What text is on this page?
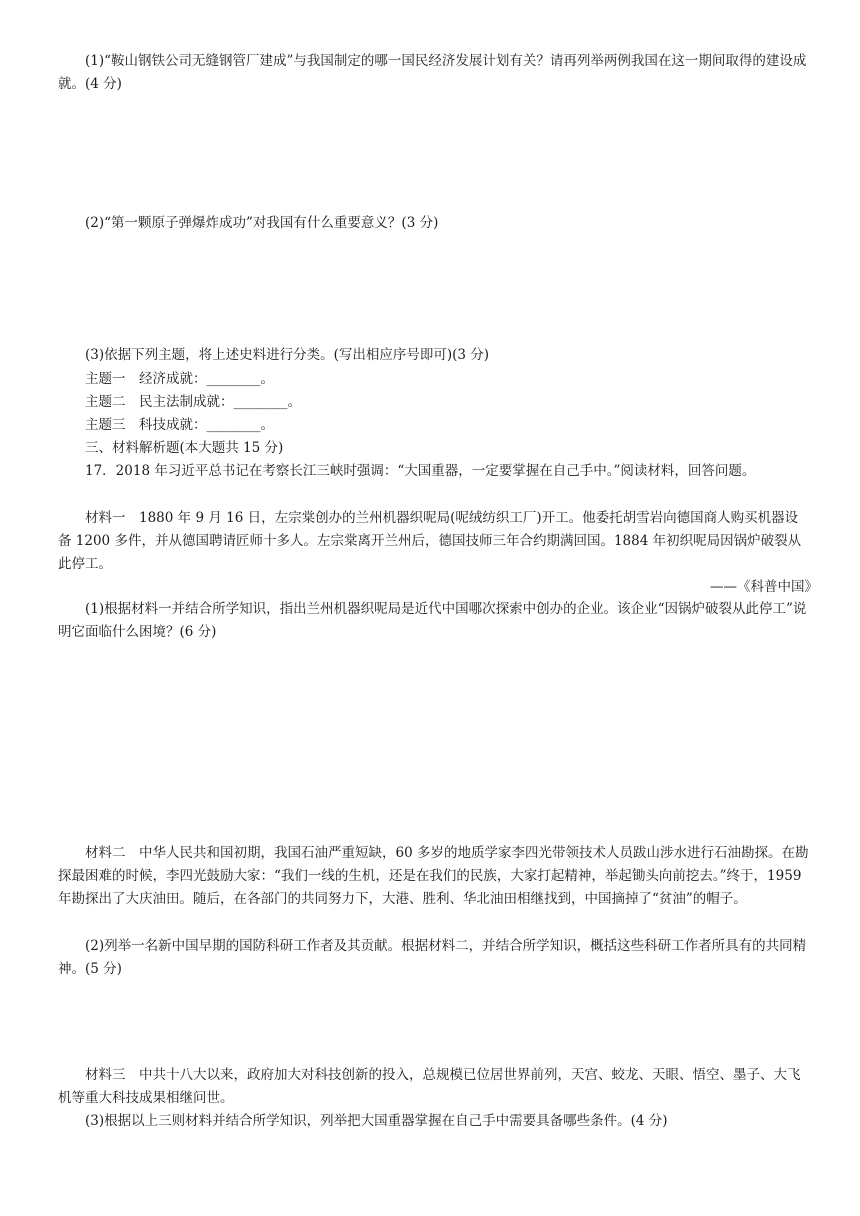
(1)“鞍山钢铁公司无缝钢管厂建成”与我国制定的哪一国民经济发展计划有关？请再列举两例我国在这一期间取得的建设成就。(4 分)

(2)“第一颗原子弹爆炸成功”对我国有什么重要意义？(3 分)

(3)依据下列主题，将上述史料进行分类。(写出相应序号即可)(3 分)

主题一　经济成就：________。
主题二　民主法制成就：________。
主题三　科技成就：________。
三、材料解析题(本大题共 15 分)

17．2018 年习近平总书记在考察长江三峡时强调：“大国重器，一定要掌握在自己手中。”阅读材料，回答问题。

材料一　1880 年 9 月 16 日，左宗棠创办的兰州机器织呢局(呢绒纺织工厂)开工。他委托胡雪岩向德国商人购买机器设备 1200 多件，并从德国聘请匠师十多人。左宗棠离开兰州后，德国技师三年合约期满回国。1884 年初织呢局因锅炉破裂从此停工。

——《科普中国》

(1)根据材料一并结合所学知识，指出兰州机器织呢局是近代中国哪次探索中创办的企业。该企业“因锅炉破裂从此停工”说明它面临什么困境？(6 分)

材料二　中华人民共和国初期，我国石油严重短缺，60 多岁的地质学家李四光带领技术人员跋山涉水进行石油勘探。在勘探最困难的时候，李四光鼓励大家：“我们一线的生机，还是在我们的民族，大家打起精神，举起锄头向前挖去。”终于，1959 年勘探出了大庆油田。随后，在各部门的共同努力下，大港、胜利、华北油田相继找到，中国摘掉了“贫油”的帽子。

(2)列举一名新中国早期的国防科研工作者及其贡献。根据材料二，并结合所学知识，概括这些科研工作者所具有的共同精神。(5 分)

材料三　中共十八大以来，政府加大对科技创新的投入，总规模已位居世界前列，天宫、蛟龙、天眼、悟空、墨子、大飞机等重大科技成果相继问世。

(3)根据以上三则材料并结合所学知识，列举把大国重器掌握在自己手中需要具备哪些条件。(4 分)
